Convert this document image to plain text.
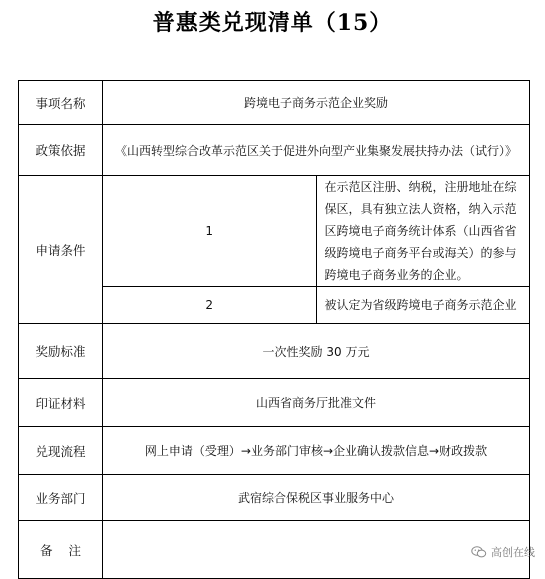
普惠类兑现清单（15）
事项名称	跨境电子商务示范企业奖励	
政策依据	《山西转型综合改革示范区关于促进外向型产业集聚发展扶持办法（试行）》	
申请条件	1	在示范区注册、纳税，注册地址在综保区，具有独立法人资格，纳入示范区跨境电子商务统计体系（山西省省级跨境电子商务平台或海关）的参与跨境电子商务业务的企业。
	2	被认定为省级跨境电子商务示范企业
奖励标准	一次性奖励 30 万元	
印证材料	山西省商务厅批准文件	
兑现流程	网上申请（受理）→业务部门审核→企业确认拨款信息→财政拨款	
业务部门	武宿综合保税区事业服务中心	
备注			高创在线
